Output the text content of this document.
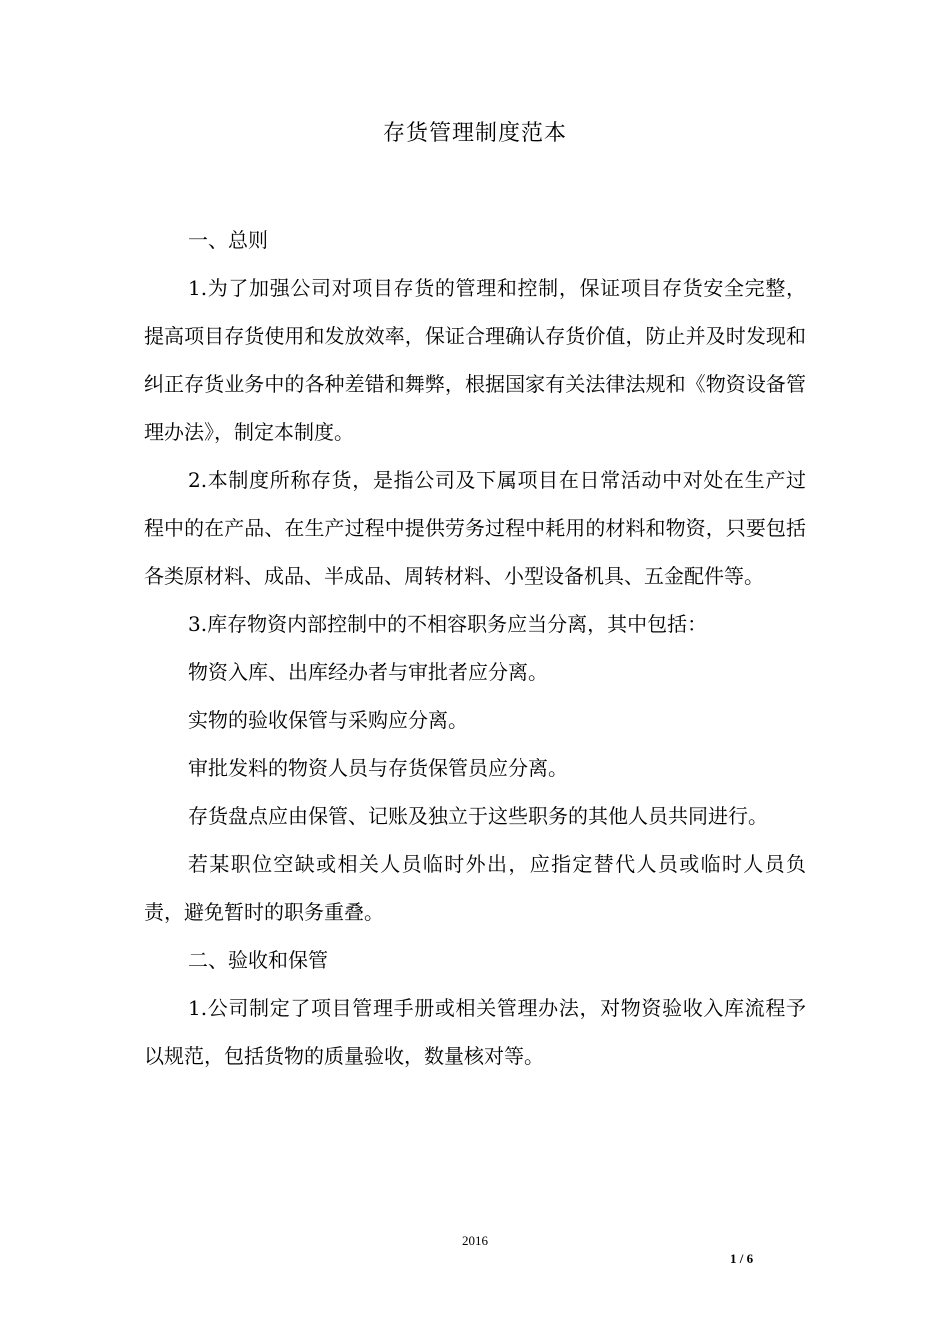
存货管理制度范本

一、总则

1.为了加强公司对项目存货的管理和控制，保证项目存货安全完整，提高项目存货使用和发放效率，保证合理确认存货价值，防止并及时发现和纠正存货业务中的各种差错和舞弊，根据国家有关法律法规和《物资设备管理办法》，制定本制度。

2.本制度所称存货，是指公司及下属项目在日常活动中对处在生产过程中的在产品、在生产过程中提供劳务过程中耗用的材料和物资，只要包括各类原材料、成品、半成品、周转材料、小型设备机具、五金配件等。

3.库存物资内部控制中的不相容职务应当分离，其中包括：

物资入库、出库经办者与审批者应分离。

实物的验收保管与采购应分离。

审批发料的物资人员与存货保管员应分离。

存货盘点应由保管、记账及独立于这些职务的其他人员共同进行。

若某职位空缺或相关人员临时外出，应指定替代人员或临时人员负责，避免暂时的职务重叠。

二、验收和保管

1.公司制定了项目管理手册或相关管理办法，对物资验收入库流程予以规范，包括货物的质量验收，数量核对等。

2016
1 / 6
